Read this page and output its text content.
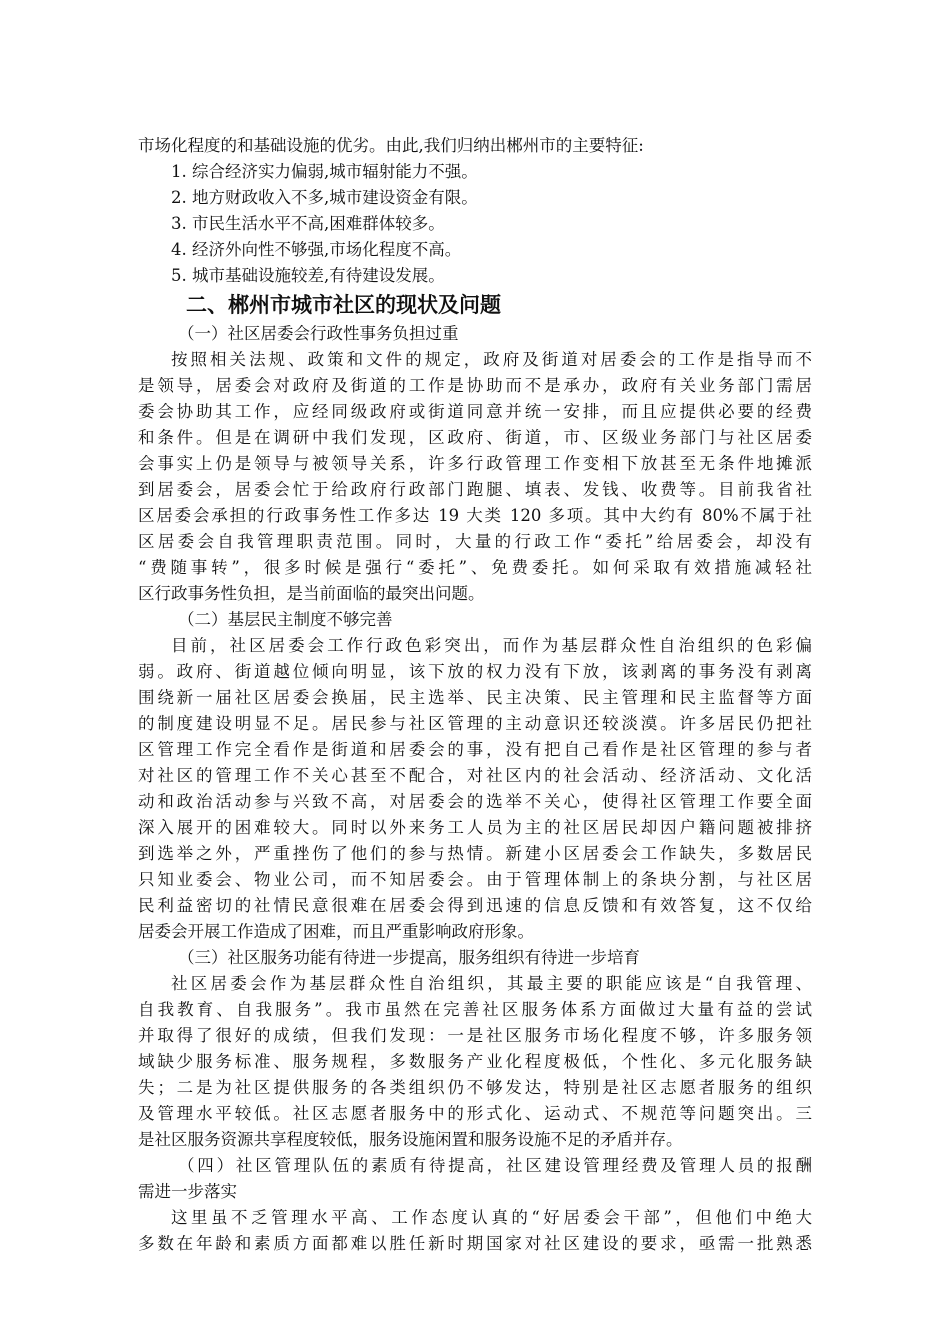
市场化程度的和基础设施的优劣。由此,我们归纳出郴州市的主要特征:
1. 综合经济实力偏弱,城市辐射能力不强。
2. 地方财政收入不多,城市建设资金有限。
3. 市民生活水平不高,困难群体较多。
4. 经济外向性不够强,市场化程度不高。
5. 城市基础设施较差,有待建设发展。
二、郴州市城市社区的现状及问题
（一）社区居委会行政性事务负担过重
按照相关法规、政策和文件的规定，政府及街道对居委会的工作是指导而不
是领导，居委会对政府及街道的工作是协助而不是承办，政府有关业务部门需居
委会协助其工作，应经同级政府或街道同意并统一安排，而且应提供必要的经费
和条件。但是在调研中我们发现，区政府、街道，市、区级业务部门与社区居委
会事实上仍是领导与被领导关系，许多行政管理工作变相下放甚至无条件地摊派
到居委会，居委会忙于给政府行政部门跑腿、填表、发钱、收费等。目前我省社
区居委会承担的行政事务性工作多达 19 大类 120 多项。其中大约有 80%不属于社
区居委会自我管理职责范围。同时，大量的行政工作“委托”给居委会，却没有
“费随事转”，很多时候是强行“委托”、免费委托。如何采取有效措施减轻社
区行政事务性负担，是当前面临的最突出问题。
（二）基层民主制度不够完善
目前，社区居委会工作行政色彩突出，而作为基层群众性自治组织的色彩偏
弱。政府、街道越位倾向明显，该下放的权力没有下放，该剥离的事务没有剥离
围绕新一届社区居委会换届，民主选举、民主决策、民主管理和民主监督等方面
的制度建设明显不足。居民参与社区管理的主动意识还较淡漠。许多居民仍把社
区管理工作完全看作是街道和居委会的事，没有把自己看作是社区管理的参与者
对社区的管理工作不关心甚至不配合，对社区内的社会活动、经济活动、文化活
动和政治活动参与兴致不高，对居委会的选举不关心，使得社区管理工作要全面
深入展开的困难较大。同时以外来务工人员为主的社区居民却因户籍问题被排挤
到选举之外，严重挫伤了他们的参与热情。新建小区居委会工作缺失，多数居民
只知业委会、物业公司，而不知居委会。由于管理体制上的条块分割，与社区居
民利益密切的社情民意很难在居委会得到迅速的信息反馈和有效答复，这不仅给
居委会开展工作造成了困难，而且严重影响政府形象。
（三）社区服务功能有待进一步提高，服务组织有待进一步培育
社区居委会作为基层群众性自治组织，其最主要的职能应该是“自我管理、
自我教育、自我服务”。我市虽然在完善社区服务体系方面做过大量有益的尝试
并取得了很好的成绩，但我们发现：一是社区服务市场化程度不够，许多服务领
域缺少服务标准、服务规程，多数服务产业化程度极低，个性化、多元化服务缺
失；二是为社区提供服务的各类组织仍不够发达，特别是社区志愿者服务的组织
及管理水平较低。社区志愿者服务中的形式化、运动式、不规范等问题突出。三
是社区服务资源共享程度较低，服务设施闲置和服务设施不足的矛盾并存。
（四）社区管理队伍的素质有待提高，社区建设管理经费及管理人员的报酬
需进一步落实
这里虽不乏管理水平高、工作态度认真的“好居委会干部”，但他们中绝大
多数在年龄和素质方面都难以胜任新时期国家对社区建设的要求，亟需一批熟悉
